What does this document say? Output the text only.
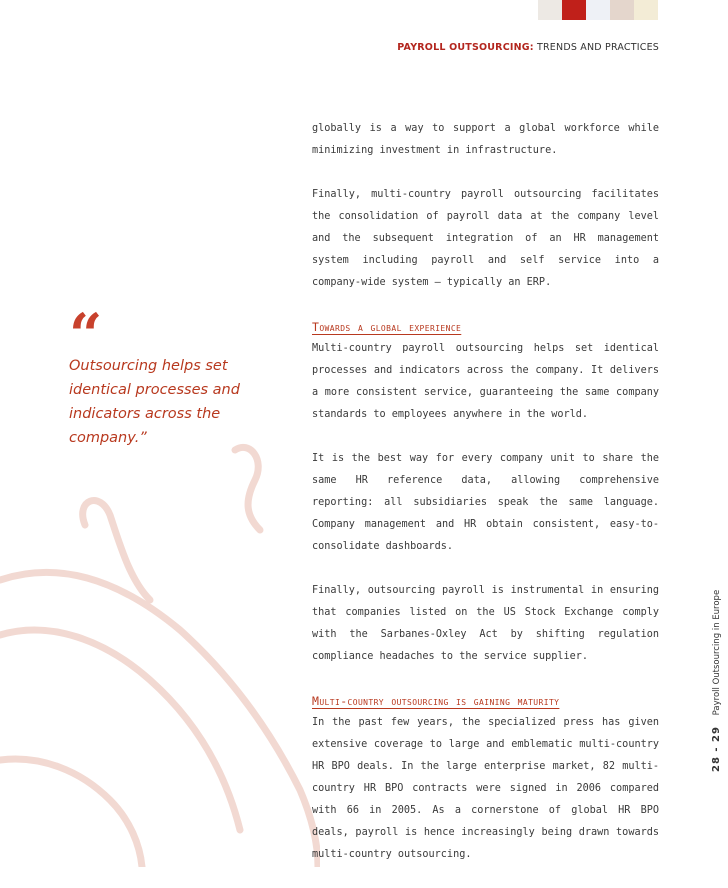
PAYROLL OUTSOURCING: TRENDS AND PRACTICES
“
Outsourcing helps set identical processes and indicators across the company.”

globally is a way to support a global workforce while minimizing investment in infrastructure.

Finally, multi-country payroll outsourcing facilitates the consolidation of payroll data at the company level and the subsequent integration of an HR management system including payroll and self service into a company-wide system – typically an ERP.

Towards a global experience

Multi-country payroll outsourcing helps set identical processes and indicators across the company. It delivers a more consistent service, guaranteeing the same company standards to employees anywhere in the world.

It is the best way for every company unit to share the same HR reference data, allowing comprehensive reporting: all subsidiaries speak the same language. Company management and HR obtain consistent, easy-to-consolidate dashboards.

Finally, outsourcing payroll is instrumental in ensuring that companies listed on the US Stock Exchange comply with the Sarbanes-Oxley Act by shifting regulation compliance headaches to the service supplier.

Multi-country outsourcing is gaining maturity

In the past few years, the specialized press has given extensive coverage to large and emblematic multi-country HR BPO deals. In the large enterprise market, 82 multi-country HR BPO contracts were signed in 2006 compared with 66 in 2005. As a cornerstone of global HR BPO deals, payroll is hence increasingly being drawn towards multi-country outsourcing.

28 - 29 Payroll Outsourcing in Europe
